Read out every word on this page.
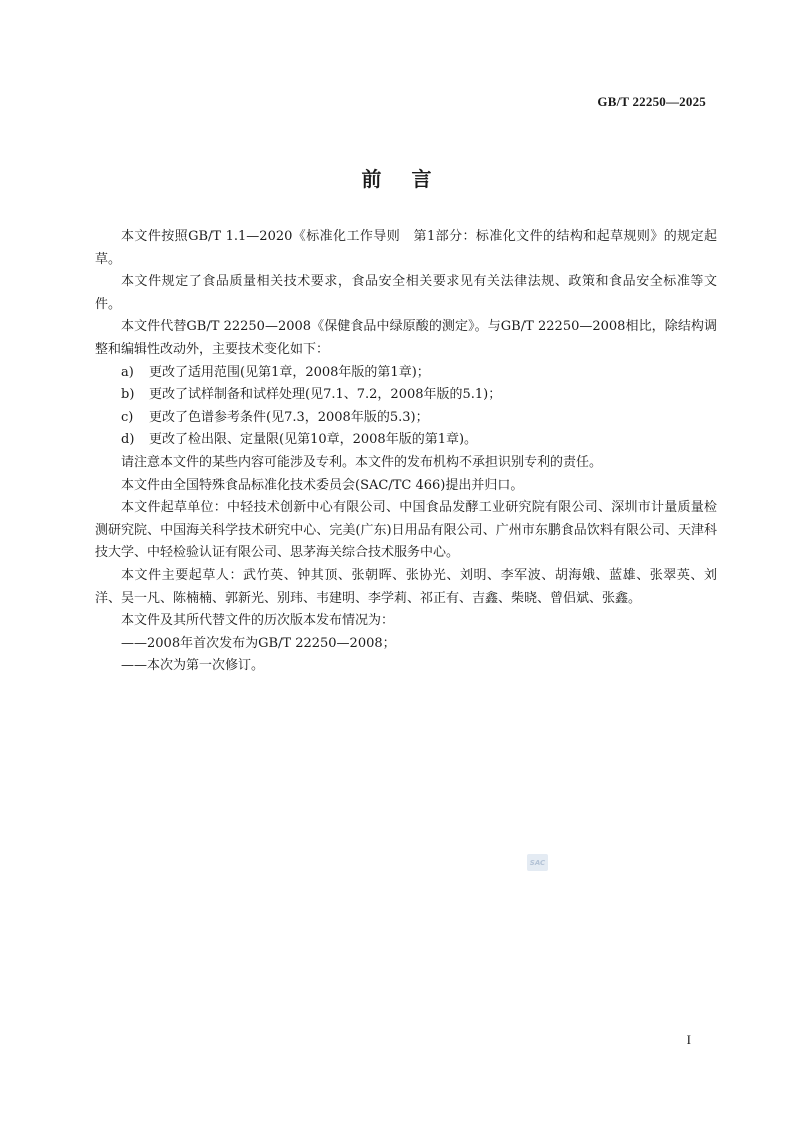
GB/T 22250—2025
前言

本文件按照GB/T 1.1—2020《标准化工作导则　第1部分：标准化文件的结构和起草规则》的规定起草。

本文件规定了食品质量相关技术要求，食品安全相关要求见有关法律法规、政策和食品安全标准等文件。

本文件代替GB/T 22250—2008《保健食品中绿原酸的测定》。与GB/T 22250—2008相比，除结构调整和编辑性改动外，主要技术变化如下：

a) 更改了适用范围(见第1章，2008年版的第1章)；

b) 更改了试样制备和试样处理(见7.1、7.2，2008年版的5.1)；

c) 更改了色谱参考条件(见7.3，2008年版的5.3)；

d) 更改了检出限、定量限(见第10章，2008年版的第1章)。

请注意本文件的某些内容可能涉及专利。本文件的发布机构不承担识别专利的责任。

本文件由全国特殊食品标准化技术委员会(SAC/TC 466)提出并归口。

本文件起草单位：中轻技术创新中心有限公司、中国食品发酵工业研究院有限公司、深圳市计量质量检测研究院、中国海关科学技术研究中心、完美(广东)日用品有限公司、广州市东鹏食品饮料有限公司、天津科技大学、中轻检验认证有限公司、思茅海关综合技术服务中心。

本文件主要起草人：武竹英、钟其顶、张朝晖、张协光、刘明、李军波、胡海娥、蓝雄、张翠英、刘洋、吴一凡、陈楠楠、郭新光、别玮、韦建明、李学莉、祁正有、吉鑫、柴晓、曾侣斌、张鑫。

本文件及其所代替文件的历次版本发布情况为：

——2008年首次发布为GB/T 22250—2008；

——本次为第一次修订。

SAC
I
